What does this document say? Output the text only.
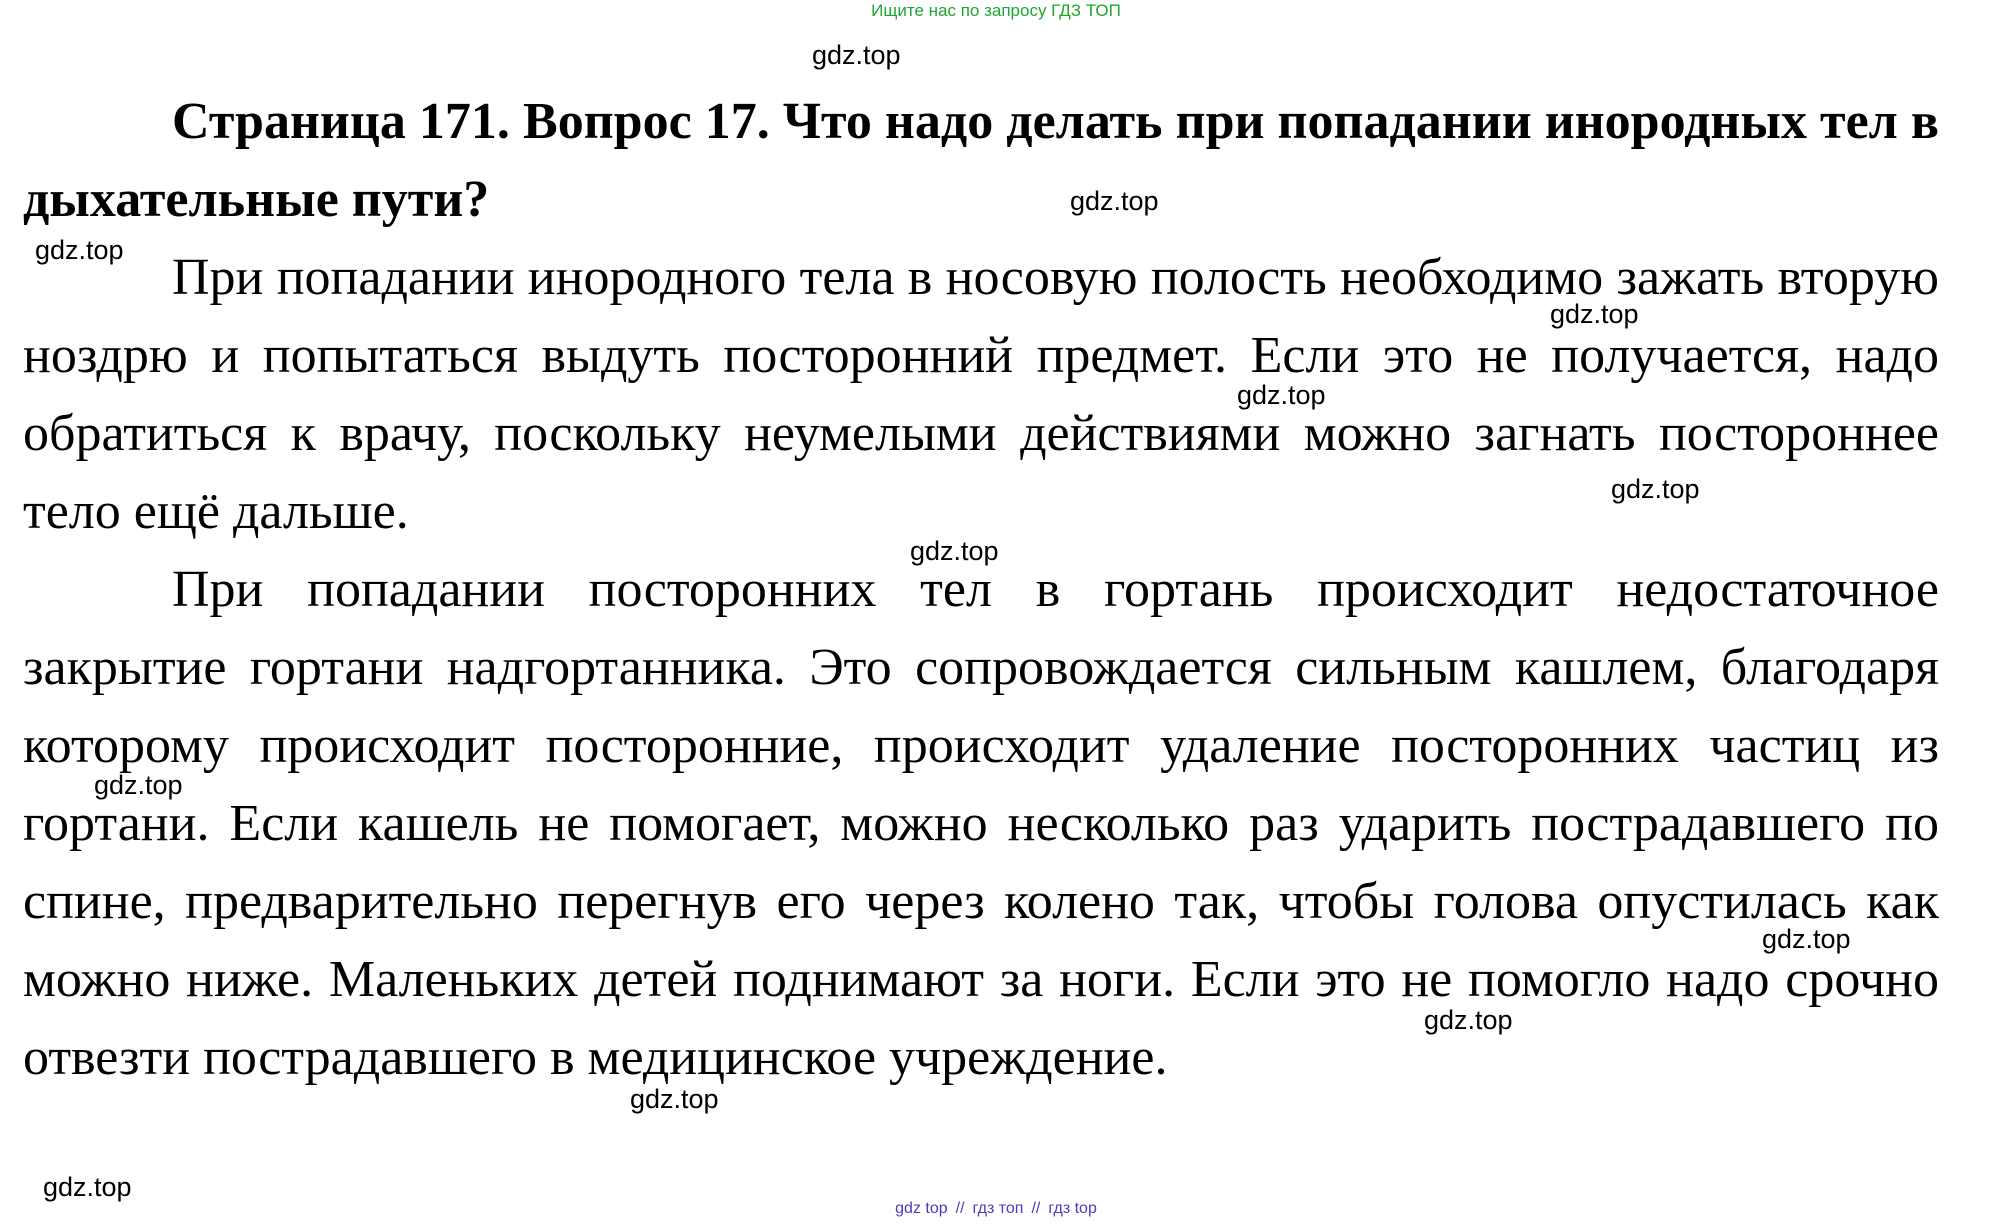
Ищите нас по запросу ГДЗ ТОП

Страница 171. Вопрос 17. Что надо делать при попадании инородных тел в дыхательные пути?

При попадании инородного тела в носовую полость необходимо зажать вторую ноздрю и попытаться выдуть посторонний предмет. Если это не получается, надо обратиться к врачу, поскольку неумелыми действиями можно загнать постороннее тело ещё дальше.

При попадании посторонних тел в гортань происходит недостаточное закрытие гортани надгортанника. Это сопровождается сильным кашлем, благодаря которому происходит посторонние, происходит удаление посторонних частиц из гортани. Если кашель не помогает, можно несколько раз ударить пострадавшего по спине, предварительно перегнув его через колено так, чтобы голова опустилась как можно ниже. Маленьких детей поднимают за ноги. Если это не помогло надо срочно отвезти пострадавшего в медицинское учреждение.

gdz.top
gdz.top
gdz.top
gdz.top
gdz.top
gdz.top
gdz.top
gdz.top
gdz.top
gdz.top
gdz.top
gdz.top
gdz top // гдз топ // гдз top
